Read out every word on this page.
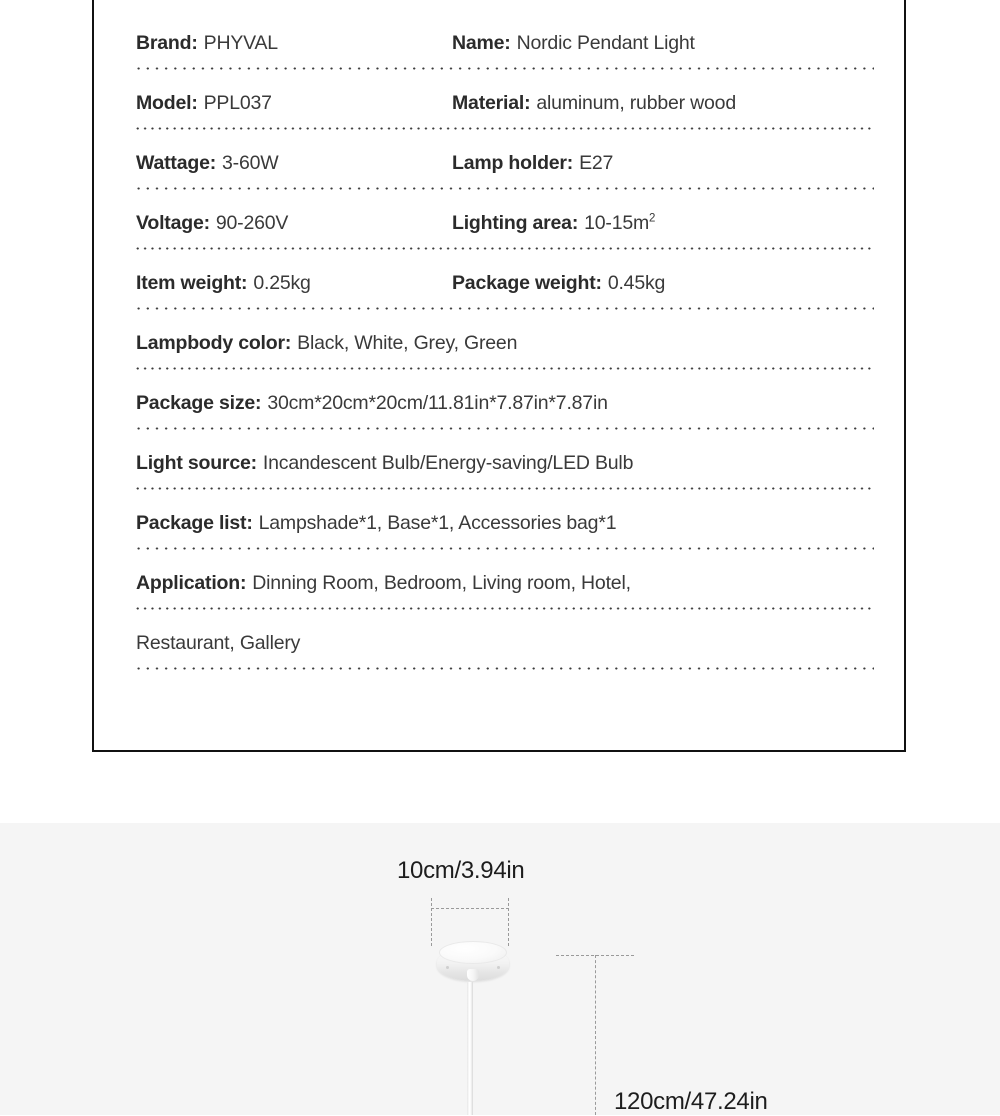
Brand: PHYVAL	Name: Nordic Pendant Light
Model: PPL037	Material: aluminum, rubber wood
Wattage: 3-60W	Lamp holder: E27
Voltage: 90-260V	Lighting area: $10-15m^2$
Item weight: 0.25kg	Package weight: 0.45kg
Lampbody color: Black, White, Grey, Green
Package size: 30cm*20cm*20cm/11.81in*7.87in*7.87in
Light source: Incandescent Bulb/Energy-saving/LED Bulb
Package list: Lampshade*1, Base*1, Accessories bag*1
Application: Dinning Room, Bedroom, Living room, Hotel,
Restaurant, Gallery
10cm/3.94in
120cm/47.24in
